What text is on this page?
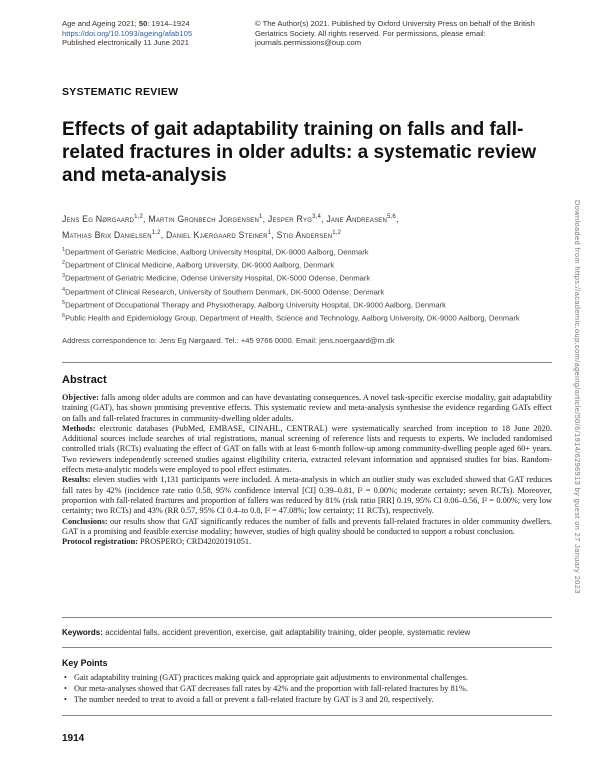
Age and Ageing 2021; 50: 1914–1924
https://doi.org/10.1093/ageing/afab105
Published electronically 11 June 2021
© The Author(s) 2021. Published by Oxford University Press on behalf of the British Geriatrics Society. All rights reserved. For permissions, please email: journals.permissions@oup.com
SYSTEMATIC REVIEW
Effects of gait adaptability training on falls and fall-related fractures in older adults: a systematic review and meta-analysis
Jens Eg Nørgaard$^{1,2}$, Martin Gronbech Jorgensen$^1$, Jesper Ryg$^{3,4}$, Jane Andreasen$^{5,6}$,
Mathias Brix Danielsen$^{1,2}$, Daniel Kjærgaard Steiner$^1$, Stig Andersen$^{1,2}$
$^1$Department of Geriatric Medicine, Aalborg University Hospital, DK-9000 Aalborg, Denmark
$^2$Department of Clinical Medicine, Aalborg University, DK-9000 Aalborg, Denmark
$^3$Department of Geriatric Medicine, Odense University Hospital, DK-5000 Odense, Denmark
$^4$Department of Clinical Research, University of Southern Denmark, DK-5000 Odense, Denmark
$^5$Department of Occupational Therapy and Physiotherapy, Aalborg University Hospital, DK-9000 Aalborg, Denmark
$^6$Public Health and Epidemiology Group, Department of Health, Science and Technology, Aalborg University, DK-9000 Aalborg, Denmark
Address correspondence to: Jens Eg Nørgaard. Tel.: +45 9766 0000. Email: jens.noergaard@rn.dk
Abstract

Objective: falls among older adults are common and can have devastating consequences. A novel task-specific exercise modality, gait adaptability training (GAT), has shown promising preventive effects. This systematic review and meta-analysis synthesise the evidence regarding GATs effect on falls and fall-related fractures in community-dwelling older adults.

Methods: electronic databases (PubMed, EMBASE, CINAHL, CENTRAL) were systematically searched from inception to 18 June 2020. Additional sources include searches of trial registrations, manual screening of reference lists and requests to experts. We included randomised controlled trials (RCTs) evaluating the effect of GAT on falls with at least 6-month follow-up among community-dwelling people aged 60+ years. Two reviewers independently screened studies against eligibility criteria, extracted relevant information and appraised studies for bias. Random-effects meta-analytic models were employed to pool effect estimates.

Results: eleven studies with 1,131 participants were included. A meta-analysis in which an outlier study was excluded showed that GAT reduces fall rates by 42% (incidence rate ratio 0.58, 95% confidence interval [CI] 0.39–0.81, I² = 0.00%; moderate certainty; seven RCTs). Moreover, proportion with fall-related fractures and proportion of fallers was reduced by 81% (risk ratio [RR] 0.19, 95% CI 0.06–0.56, I² = 0.00%; very low certainty; two RCTs) and 43% (RR 0.57, 95% CI 0.4–to 0.8, I² = 47.08%; low certainty; 11 RCTs), respectively.

Conclusions: our results show that GAT significantly reduces the number of falls and prevents fall-related fractures in older community dwellers. GAT is a promising and feasible exercise modality; however, studies of high quality should be conducted to support a robust conclusion.

Protocol registration: PROSPERO; CRD42020191051.

Keywords: accidental falls, accident prevention, exercise, gait adaptability training, older people, systematic review
Key Points
• Gait adaptability training (GAT) practices making quick and appropriate gait adjustments to environmental challenges.
• Our meta-analyses showed that GAT decreases fall rates by 42% and the proportion with fall-related fractures by 81%.
• The number needed to treat to avoid a fall or prevent a fall-related fracture by GAT is 3 and 20, respectively.
1914
Downloaded from https://academic.oup.com/ageing/article/50/6/1914/6296913 by guest on 27 January 2023
